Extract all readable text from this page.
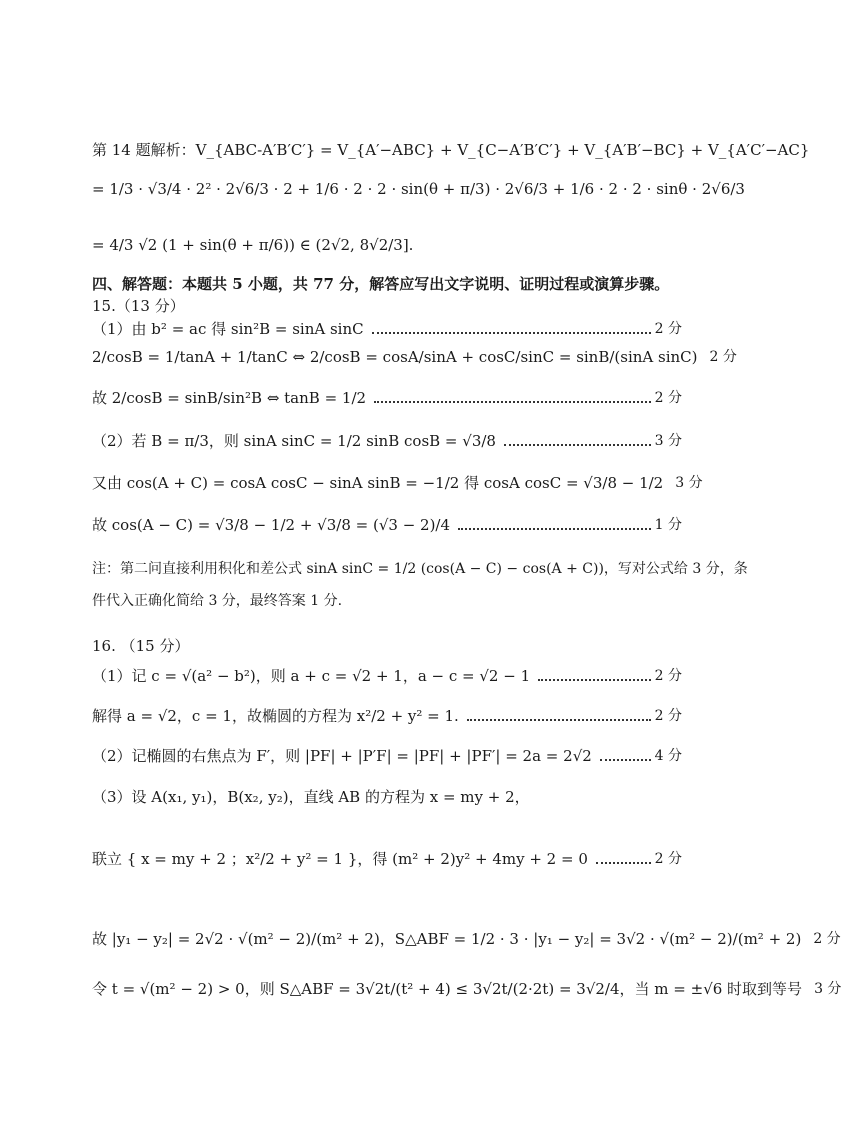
第 14 题解析：V_{ABC-A′B′C′} = V_{A′−ABC} + V_{C−A′B′C′} + V_{A′B′−BC} + V_{A′C′−AC}
= 1/3 · √3/4 · 2² · 2√6/3 · 2 + 1/6 · 2 · 2 · sin(θ + π/3) · 2√6/3 + 1/6 · 2 · 2 · sinθ · 2√6/3
= 4/3 √2 (1 + sin(θ + π/6)) ∈ (2√2, 8√2/3].
四、解答题：本题共 5 小题，共 77 分，解答应写出文字说明、证明过程或演算步骤。
15.（13 分）
（1）由 b² = ac 得 sin²B = sinA sinC	2 分
2/cosB = 1/tanA + 1/tanC ⇔ 2/cosB = cosA/sinA + cosC/sinC = sinB/(sinA sinC) 2 分
故 2/cosB = sinB/sin²B ⇔ tanB = 1/2	2 分
（2）若 B = π/3，则 sinA sinC = 1/2 sinB cosB = √3/8	3 分
又由 cos(A + C) = cosA cosC − sinA sinB = −1/2 得 cosA cosC = √3/8 − 1/2 3 分
故 cos(A − C) = √3/8 − 1/2 + √3/8 = (√3 − 2)/4	1 分
注：第二问直接利用积化和差公式 sinA sinC = 1/2 (cos(A − C) − cos(A + C))，写对公式给 3 分，条
件代入正确化简给 3 分，最终答案 1 分.
16. （15 分）
（1）记 c = √(a² − b²)，则 a + c = √2 + 1，a − c = √2 − 1	2 分
解得 a = √2，c = 1，故椭圆的方程为 x²/2 + y² = 1.	2 分
（2）记椭圆的右焦点为 F′，则 |PF| + |P′F| = |PF| + |PF′| = 2a = 2√2	4 分
（3）设 A(x₁, y₁)，B(x₂, y₂)，直线 AB 的方程为 x = my + 2，
联立 { x = my + 2 ；x²/2 + y² = 1 }，得 (m² + 2)y² + 4my + 2 = 0	2 分
故 |y₁ − y₂| = 2√2 · √(m² − 2)/(m² + 2)，S△ABF = 1/2 · 3 · |y₁ − y₂| = 3√2 · √(m² − 2)/(m² + 2) 2 分
令 t = √(m² − 2) > 0，则 S△ABF = 3√2t/(t² + 4) ≤ 3√2t/(2·2t) = 3√2/4，当 m = ±√6 时取到等号 3 分
